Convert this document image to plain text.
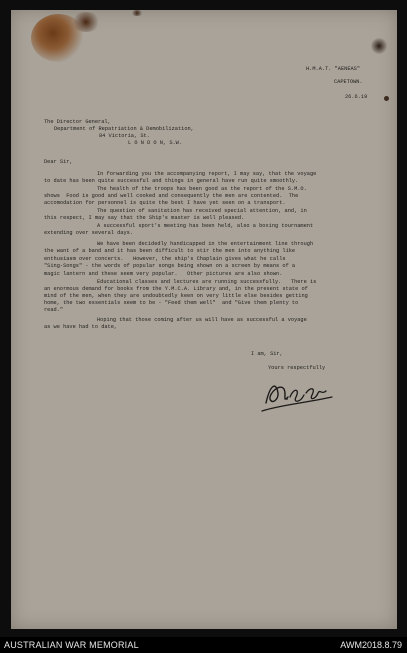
H.M.A.T. "AENEAS"
CAPETOWN.
26.6.19
The Director General,
Department of Repatriation & Demobilization,
84 Victoria, St.
L O N D O N, S.W.
Dear Sir,
In forwarding you the accompanying report, I may say, that the voyage
to date has been quite successful and things in general have run quite smoothly.
The health of the troops has been good as the report of the S.M.O.
shows  Food is good and well cooked and consequently the men are contented.  The
accomodation for personnel is quite the best I have yet seen on a transport.
The question of sanitation has received special attention, and, in
this respect, I may say that the Ship's master is well pleased.
A successful sport's meeting has been held, also a boxing tournament
extending over several days.
We have been decidedly handicapped in the entertainment line through
the want of a band and it has been difficult to stir the men into anything like
enthusiasm over concerts.   However, the ship's Chaplain gives what he calls
"Sing-Songs" - the words of popular songs being shown on a screen by means of a
magic lantern and these seem very popular.   Other pictures are also shown.
Educational classes and lectures are running successfully.   There is
an enormous demand for books from the Y.M.C.A. Library and, in the present state of
mind of the men, when they are undoubtedly keen on very little else besides getting
home, the two essentials seem to be - "Feed them well"  and "Give them plenty to
read."
Hoping that those coming after us will have as successful a voyage
as we have had to date,
I am, Sir,
Yours respectfully
AUSTRALIAN WAR MEMORIAL	AWM2018.8.79
